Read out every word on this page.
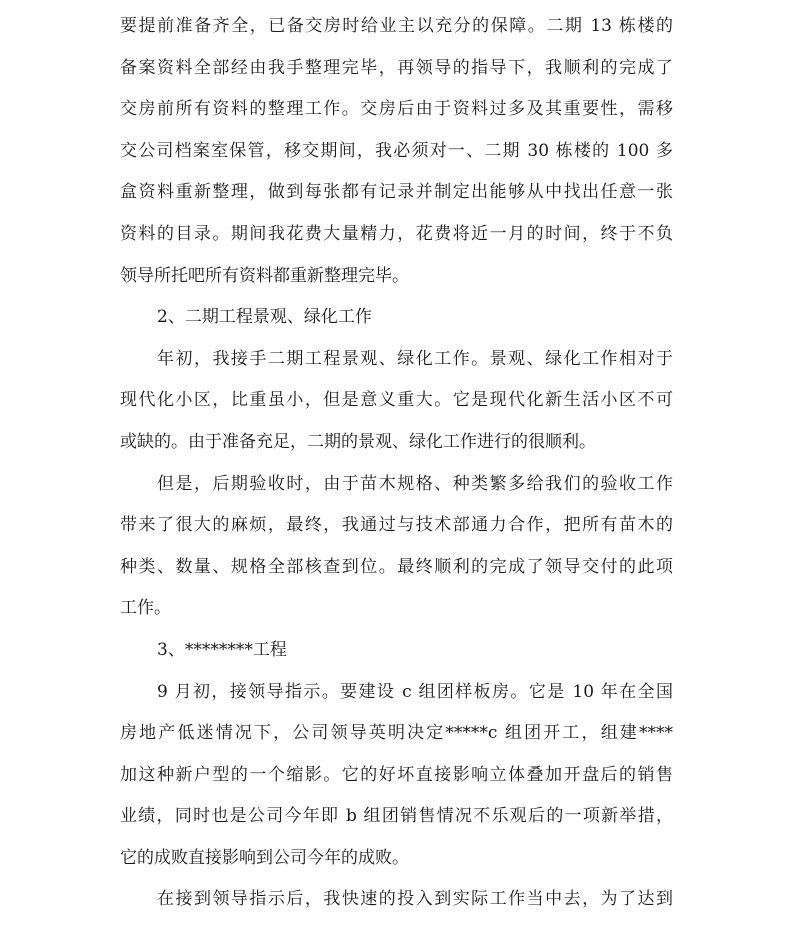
要提前准备齐全，已备交房时给业主以充分的保障。二期 13 栋楼的
备案资料全部经由我手整理完毕，再领导的指导下，我顺利的完成了
交房前所有资料的整理工作。交房后由于资料过多及其重要性，需移
交公司档案室保管，移交期间，我必须对一、二期 30 栋楼的 100 多
盒资料重新整理，做到每张都有记录并制定出能够从中找出任意一张
资料的目录。期间我花费大量精力，花费将近一月的时间，终于不负
领导所托吧所有资料都重新整理完毕。
2、二期工程景观、绿化工作
年初，我接手二期工程景观、绿化工作。景观、绿化工作相对于
现代化小区，比重虽小，但是意义重大。它是现代化新生活小区不可
或缺的。由于准备充足，二期的景观、绿化工作进行的很顺利。
但是，后期验收时，由于苗木规格、种类繁多给我们的验收工作
带来了很大的麻烦，最终，我通过与技术部通力合作，把所有苗木的
种类、数量、规格全部核查到位。最终顺利的完成了领导交付的此项
工作。
3、********工程
9 月初，接领导指示。要建设 c 组团样板房。它是 10 年在全国
房地产低迷情况下，公司领导英明决定*****c 组团开工，组建****
加这种新户型的一个缩影。它的好坏直接影响立体叠加开盘后的销售
业绩，同时也是公司今年即 b 组团销售情况不乐观后的一项新举措，
它的成败直接影响到公司今年的成败。
在接到领导指示后，我快速的投入到实际工作当中去，为了达到
